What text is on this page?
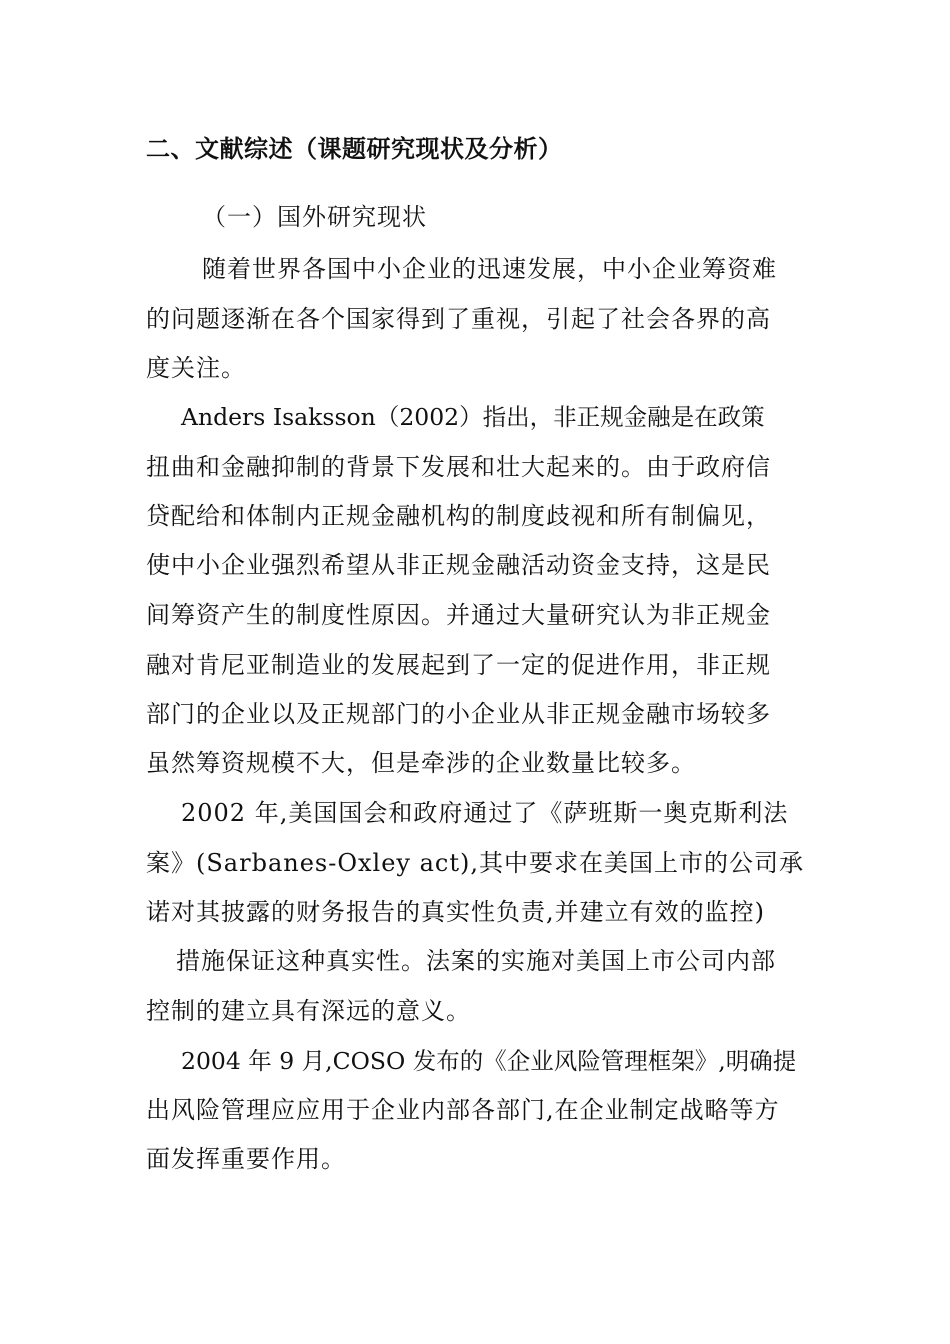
二、文献综述（课题研究现状及分析）
（一）国外研究现状
随着世界各国中小企业的迅速发展，中小企业筹资难
的问题逐渐在各个国家得到了重视，引起了社会各界的高
度关注。
Anders Isaksson（2002）指出，非正规金融是在政策
扭曲和金融抑制的背景下发展和壮大起来的。由于政府信
贷配给和体制内正规金融机构的制度歧视和所有制偏见，
使中小企业强烈希望从非正规金融活动资金支持，这是民
间筹资产生的制度性原因。并通过大量研究认为非正规金
融对肯尼亚制造业的发展起到了一定的促进作用，非正规
部门的企业以及正规部门的小企业从非正规金融市场较多
虽然筹资规模不大，但是牵涉的企业数量比较多。
2002 年,美国国会和政府通过了《萨班斯一奥克斯利法
案》(Sarbanes-Oxley act),其中要求在美国上市的公司承
诺对其披露的财务报告的真实性负责,并建立有效的监控)
措施保证这种真实性。法案的实施对美国上市公司内部
控制的建立具有深远的意义。
2004 年 9 月,COSO 发布的《企业风险管理框架》,明确提
出风险管理应应用于企业内部各部门,在企业制定战略等方
面发挥重要作用。
